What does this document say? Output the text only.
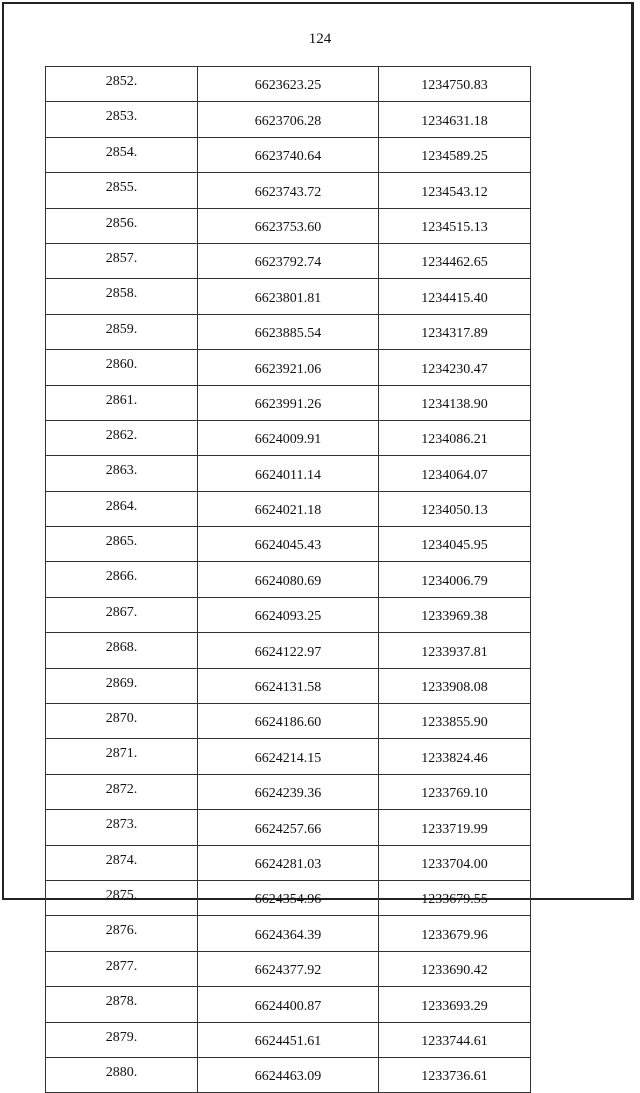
124
2852.	6623623.25	1234750.83
2853.	6623706.28	1234631.18
2854.	6623740.64	1234589.25
2855.	6623743.72	1234543.12
2856.	6623753.60	1234515.13
2857.	6623792.74	1234462.65
2858.	6623801.81	1234415.40
2859.	6623885.54	1234317.89
2860.	6623921.06	1234230.47
2861.	6623991.26	1234138.90
2862.	6624009.91	1234086.21
2863.	6624011.14	1234064.07
2864.	6624021.18	1234050.13
2865.	6624045.43	1234045.95
2866.	6624080.69	1234006.79
2867.	6624093.25	1233969.38
2868.	6624122.97	1233937.81
2869.	6624131.58	1233908.08
2870.	6624186.60	1233855.90
2871.	6624214.15	1233824.46
2872.	6624239.36	1233769.10
2873.	6624257.66	1233719.99
2874.	6624281.03	1233704.00
2875.	6624354.96	1233679.55
2876.	6624364.39	1233679.96
2877.	6624377.92	1233690.42
2878.	6624400.87	1233693.29
2879.	6624451.61	1233744.61
2880.	6624463.09	1233736.61
